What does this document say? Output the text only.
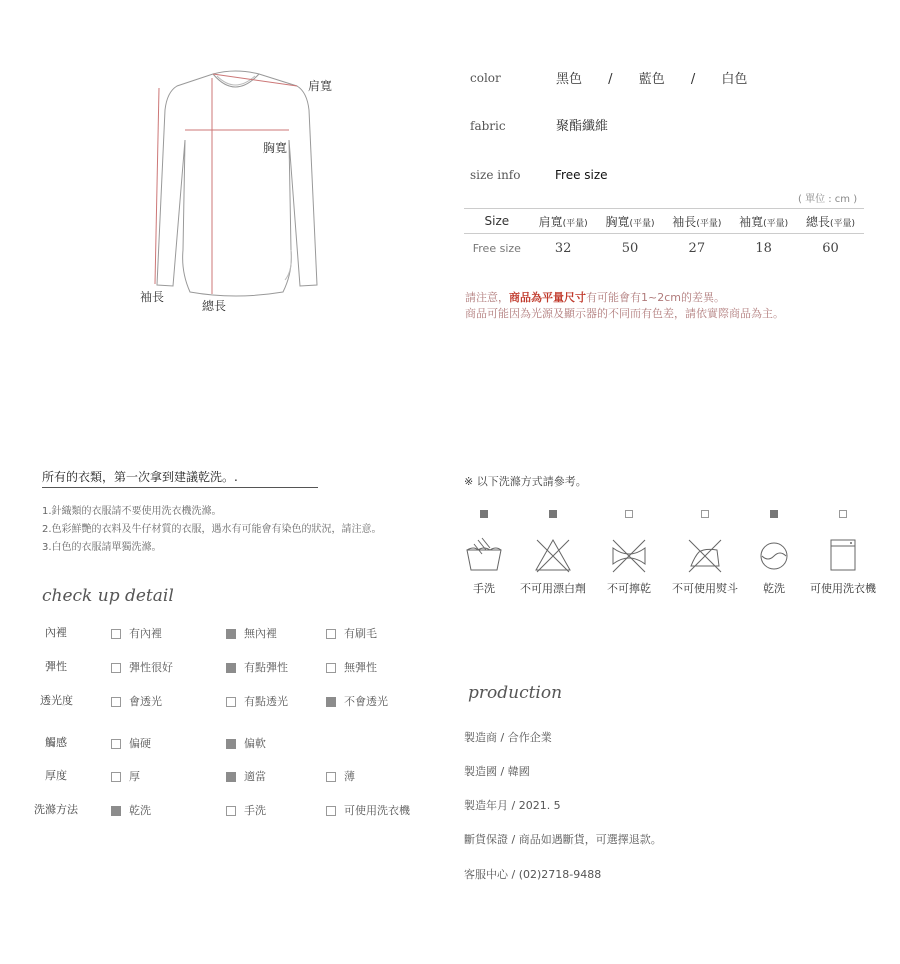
肩寬
胸寬
袖長
總長
color	黑色 / 藍色 / 白色
fabric	聚酯纖維
size info	Free size
( 單位 : cm )
Size	肩寬(平量)	胸寬(平量)	袖長(平量)	袖寬(平量)	總長(平量)
Free size	32	50	27	18	60
請注意，商品為平量尺寸有可能會有1~2cm的差異。
商品可能因為光源及顯示器的不同而有色差，請依實際商品為主。
所有的衣類，第一次拿到建議乾洗。.
1.針織類的衣服請不要使用洗衣機洗滌。
2.色彩鮮艷的衣料及牛仔材質的衣服，遇水有可能會有染色的狀況，請注意。
3.白色的衣服請單獨洗滌。
check up detail
內裡	有內裡	無內裡	有刷毛
彈性	彈性很好	有點彈性	無彈性
透光度	會透光	有點透光	不會透光
觸感	偏硬	偏軟
厚度	厚	適當	薄
洗滌方法	乾洗	手洗	可使用洗衣機
※ 以下洗滌方式請參考。
手洗	不可用漂白劑	不可擰乾	不可使用熨斗	乾洗	可使用洗衣機
production
製造商 / 合作企業
製造國 / 韓國
製造年月 / 2021. 5
斷貨保證 / 商品如遇斷貨，可選擇退款。
客服中心 / (02)2718-9488
